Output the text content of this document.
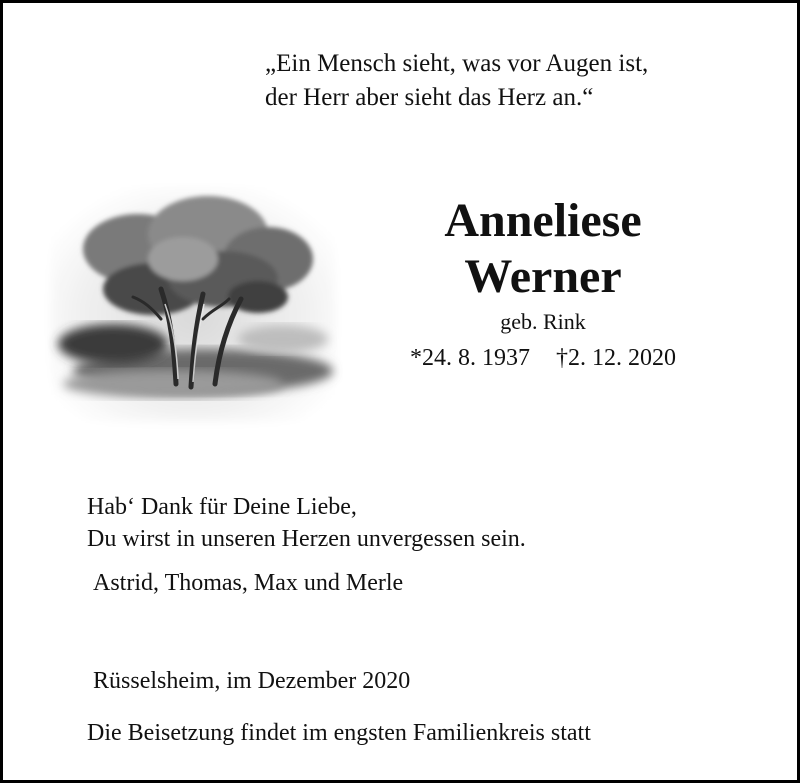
„Ein Mensch sieht, was vor Augen ist,
der Herr aber sieht das Herz an.“
Anneliese
Werner
geb. Rink
*24. 8. 1937 †2. 12. 2020
Hab‘ Dank für Deine Liebe,
Du wirst in unseren Herzen unvergessen sein.
Astrid, Thomas, Max und Merle
Rüsselsheim, im Dezember 2020
Die Beisetzung findet im engsten Familienkreis statt
